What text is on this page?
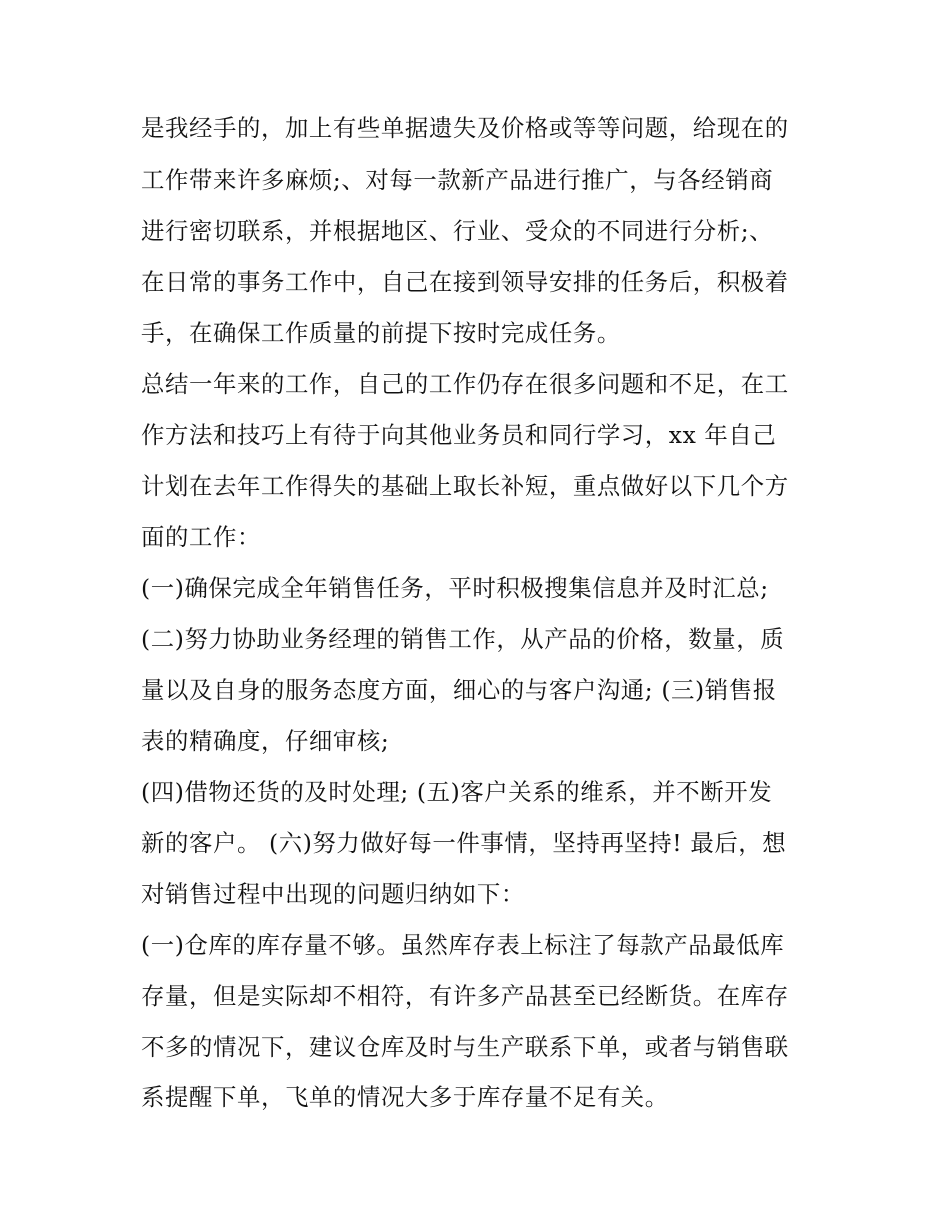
是我经手的，加上有些单据遗失及价格或等等问题，给现在的
工作带来许多麻烦;、对每一款新产品进行推广，与各经销商
进行密切联系，并根据地区、行业、受众的不同进行分析;、
在日常的事务工作中，自己在接到领导安排的任务后，积极着
手，在确保工作质量的前提下按时完成任务。
总结一年来的工作，自己的工作仍存在很多问题和不足，在工
作方法和技巧上有待于向其他业务员和同行学习，xx 年自己
计划在去年工作得失的基础上取长补短，重点做好以下几个方
面的工作：
(一)确保完成全年销售任务，平时积极搜集信息并及时汇总;
(二)努力协助业务经理的销售工作，从产品的价格，数量，质
量以及自身的服务态度方面，细心的与客户沟通; (三)销售报
表的精确度，仔细审核;
(四)借物还货的及时处理; (五)客户关系的维系，并不断开发
新的客户。 (六)努力做好每一件事情，坚持再坚持! 最后，想
对销售过程中出现的问题归纳如下：
(一)仓库的库存量不够。虽然库存表上标注了每款产品最低库
存量，但是实际却不相符，有许多产品甚至已经断货。在库存
不多的情况下，建议仓库及时与生产联系下单，或者与销售联
系提醒下单，飞单的情况大多于库存量不足有关。
